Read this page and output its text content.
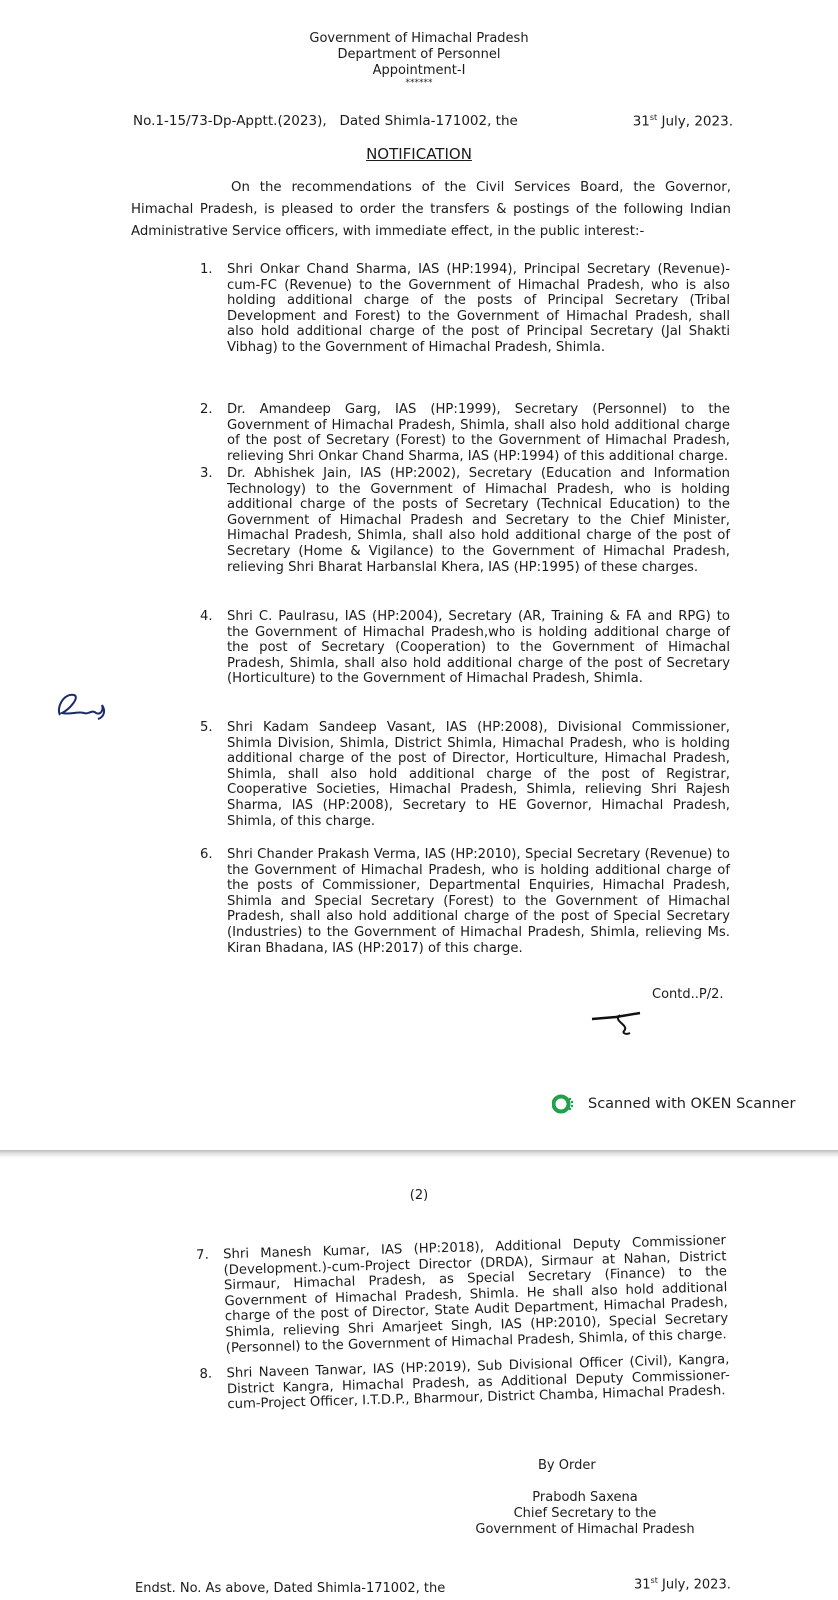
Government of Himachal Pradesh
Department of Personnel
Appointment-I
******
No.1-15/73-Dp-Apptt.(2023), Dated Shimla-171002, the	31st July, 2023.
NOTIFICATION
On the recommendations of the Civil Services Board, the Governor, Himachal Pradesh, is pleased to order the transfers & postings of the following Indian Administrative Service officers, with immediate effect, in the public interest:-
1.	Shri Onkar Chand Sharma, IAS (HP:1994), Principal Secretary (Revenue)-cum-FC (Revenue) to the Government of Himachal Pradesh, who is also holding additional charge of the posts of Principal Secretary (Tribal Development and Forest) to the Government of Himachal Pradesh, shall also hold additional charge of the post of Principal Secretary (Jal Shakti Vibhag) to the Government of Himachal Pradesh, Shimla.
2.	Dr. Amandeep Garg, IAS (HP:1999), Secretary (Personnel) to the Government of Himachal Pradesh, Shimla, shall also hold additional charge of the post of Secretary (Forest) to the Government of Himachal Pradesh, relieving Shri Onkar Chand Sharma, IAS (HP:1994) of this additional charge.
3.	Dr. Abhishek Jain, IAS (HP:2002), Secretary (Education and Information Technology) to the Government of Himachal Pradesh, who is holding additional charge of the posts of Secretary (Technical Education) to the Government of Himachal Pradesh and Secretary to the Chief Minister, Himachal Pradesh, Shimla, shall also hold additional charge of the post of Secretary (Home & Vigilance) to the Government of Himachal Pradesh, relieving Shri Bharat Harbanslal Khera, IAS (HP:1995) of these charges.
4.	Shri C. Paulrasu, IAS (HP:2004), Secretary (AR, Training & FA and RPG) to the Government of Himachal Pradesh,who is holding additional charge of the post of Secretary (Cooperation) to the Government of Himachal Pradesh, Shimla, shall also hold additional charge of the post of Secretary (Horticulture) to the Government of Himachal Pradesh, Shimla.
5.	Shri Kadam Sandeep Vasant, IAS (HP:2008), Divisional Commissioner, Shimla Division, Shimla, District Shimla, Himachal Pradesh, who is holding additional charge of the post of Director, Horticulture, Himachal Pradesh, Shimla, shall also hold additional charge of the post of Registrar, Cooperative Societies, Himachal Pradesh, Shimla, relieving Shri Rajesh Sharma, IAS (HP:2008), Secretary to HE Governor, Himachal Pradesh, Shimla, of this charge.
6.	Shri Chander Prakash Verma, IAS (HP:2010), Special Secretary (Revenue) to the Government of Himachal Pradesh, who is holding additional charge of the posts of Commissioner, Departmental Enquiries, Himachal Pradesh, Shimla and Special Secretary (Forest) to the Government of Himachal Pradesh, shall also hold additional charge of the post of Special Secretary (Industries) to the Government of Himachal Pradesh, Shimla, relieving Ms. Kiran Bhadana, IAS (HP:2017) of this charge.
Contd..P/2.
Scanned with OKEN Scanner
(2)
7.	Shri Manesh Kumar, IAS (HP:2018), Additional Deputy Commissioner (Development.)-cum-Project Director (DRDA), Sirmaur at Nahan, District Sirmaur, Himachal Pradesh, as Special Secretary (Finance) to the Government of Himachal Pradesh, Shimla. He shall also hold additional charge of the post of Director, State Audit Department, Himachal Pradesh, Shimla, relieving Shri Amarjeet Singh, IAS (HP:2010), Special Secretary (Personnel) to the Government of Himachal Pradesh, Shimla, of this charge.
8.	Shri Naveen Tanwar, IAS (HP:2019), Sub Divisional Officer (Civil), Kangra, District Kangra, Himachal Pradesh, as Additional Deputy Commissioner-cum-Project Officer, I.T.D.P., Bharmour, District Chamba, Himachal Pradesh.
By Order
Prabodh Saxena
Chief Secretary to the
Government of Himachal Pradesh
Endst. No. As above, Dated Shimla-171002, the	31st July, 2023.
